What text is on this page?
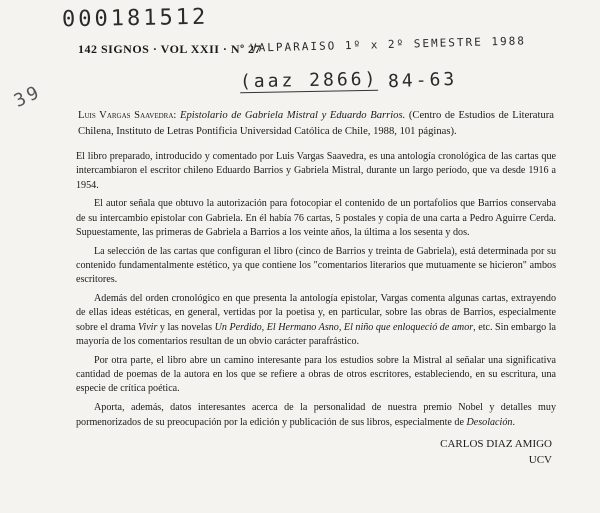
000181512
VALPARAISO 1º x 2º SEMESTRE 1988
39
(aaz 2866) 84-63
142 SIGNOS · VOL XXII · Nº 27
Luis Vargas Saavedra: Epistolario de Gabriela Mistral y Eduardo Barrios. (Centro de Estudios de Literatura Chilena, Instituto de Letras Pontificia Universidad Católica de Chile, 1988, 101 páginas).

El libro preparado, introducido y comentado por Luis Vargas Saavedra, es una antología cronológica de las cartas que intercambiaron el escritor chileno Eduardo Barrios y Gabriela Mistral, durante un largo período, que va desde 1916 a 1954.

El autor señala que obtuvo la autorización para fotocopiar el contenido de un portafolios que Barrios conservaba de su intercambio epistolar con Gabriela. En él había 76 cartas, 5 postales y copia de una carta a Pedro Aguirre Cerda. Supuestamente, las primeras de Gabriela a Barrios a los veinte años, la última a los sesenta y dos.

La selección de las cartas que configuran el libro (cinco de Barrios y treinta de Gabriela), está determinada por su contenido fundamentalmente estético, ya que contiene los "comentarios literarios que mutuamente se hicieron" ambos escritores.

Además del orden cronológico en que presenta la antología epistolar, Vargas comenta algunas cartas, extrayendo de ellas ideas estéticas, en general, vertidas por la poetisa y, en particular, sobre las obras de Barrios, especialmente sobre el drama Vivir y las novelas Un Perdido, El Hermano Asno, El niño que enloqueció de amor, etc. Sin embargo la mayoría de los comentarios resultan de un obvio carácter parafrástico.

Por otra parte, el libro abre un camino interesante para los estudios sobre la Mistral al señalar una significativa cantidad de poemas de la autora en los que se refiere a obras de otros escritores, estableciendo, en su escritura, una especie de crítica poética.

Aporta, además, datos interesantes acerca de la personalidad de nuestra premio Nobel y detalles muy pormenorizados de su preocupación por la edición y publicación de sus libros, especialmente de Desolación.

CARLOS DIAZ AMIGO
UCV
